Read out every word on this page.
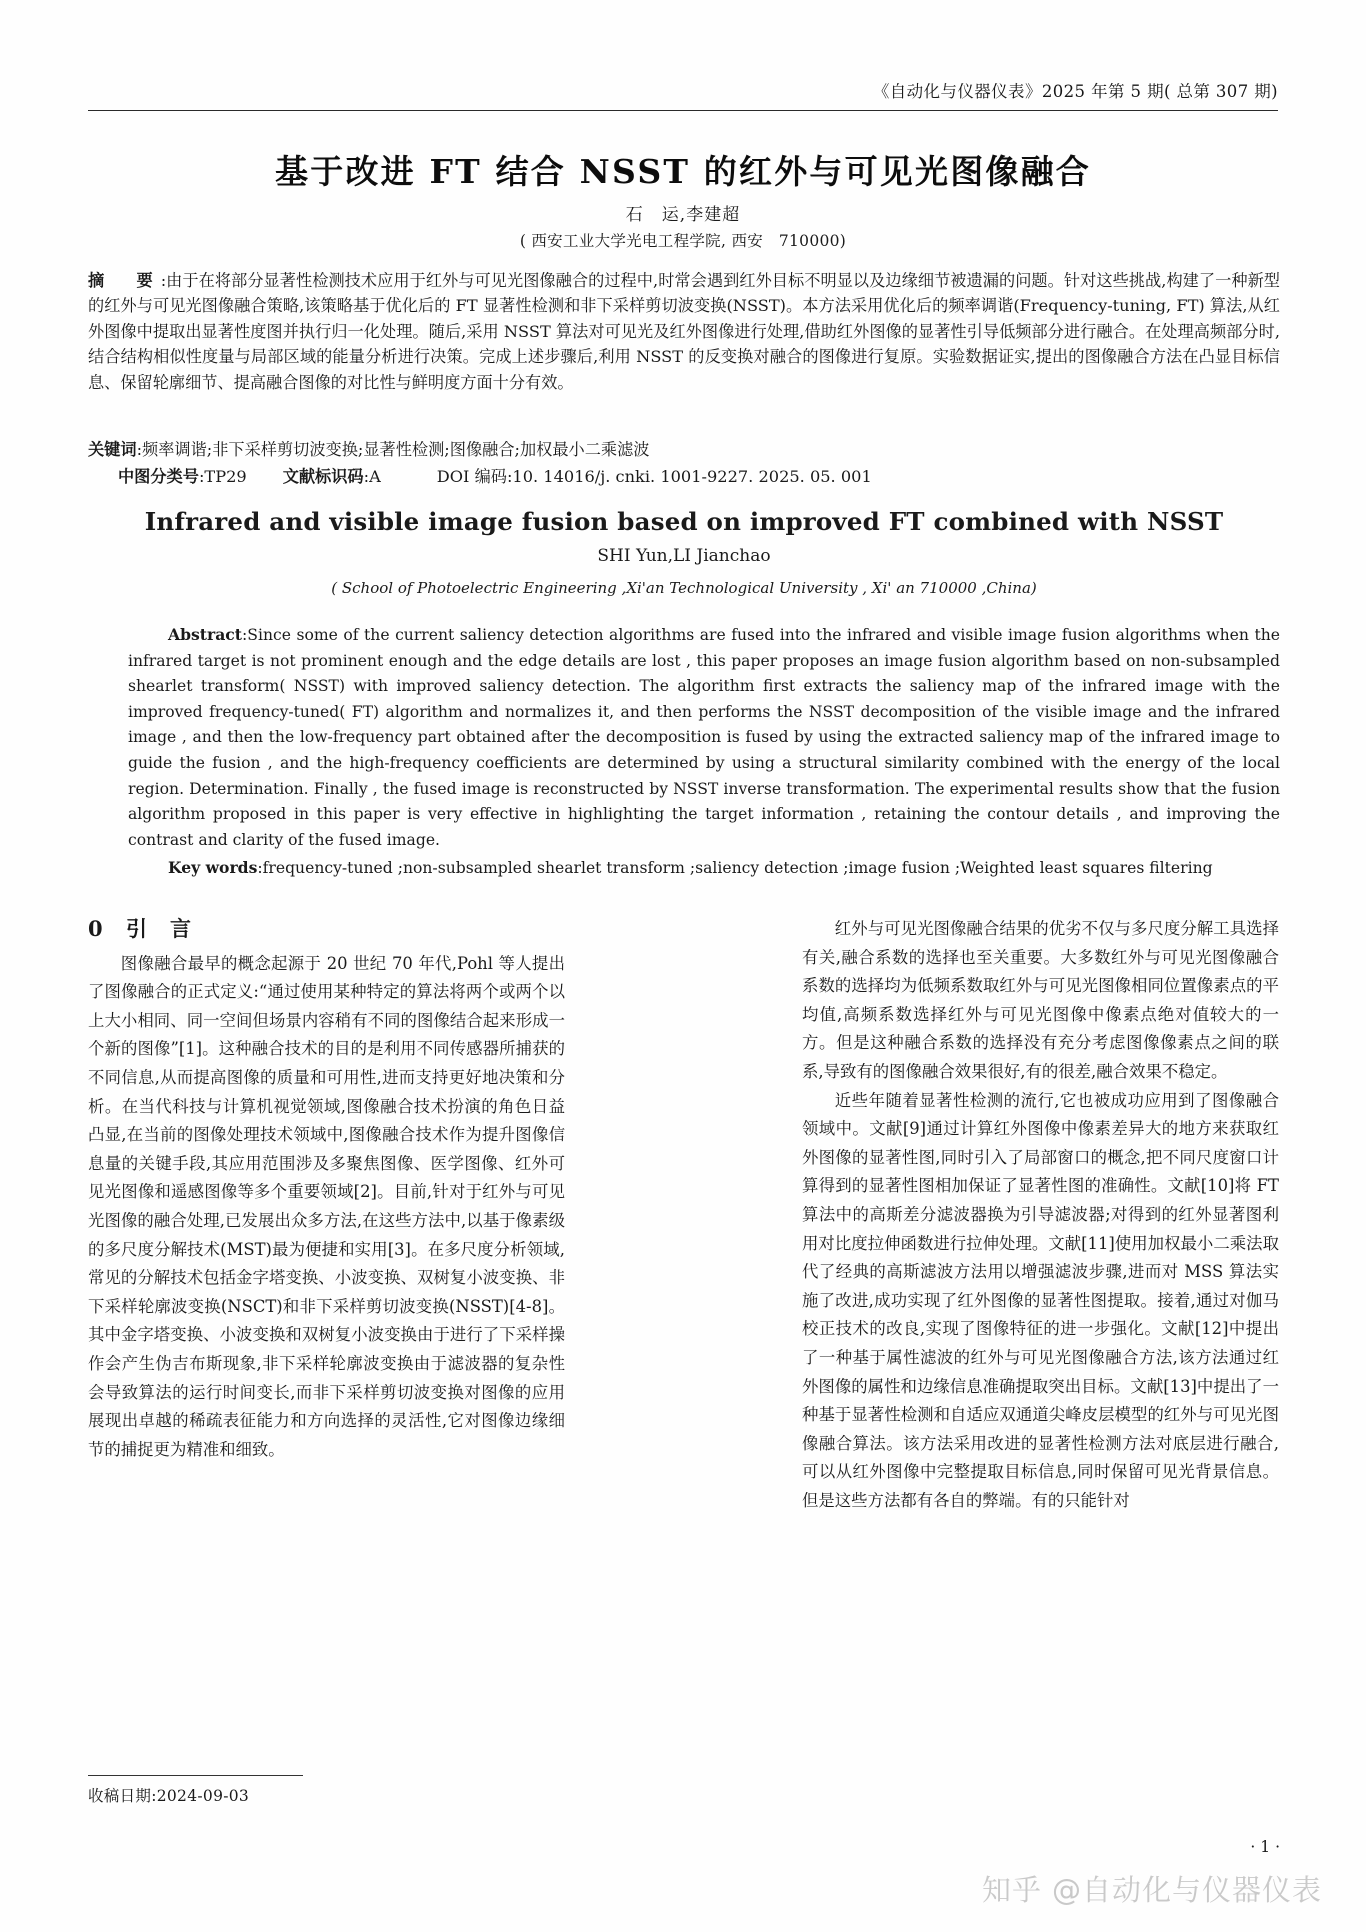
《自动化与仪器仪表》2025 年第 5 期( 总第 307 期)
基于改进 FT 结合 NSST 的红外与可见光图像融合
石　运,李建超
( 西安工业大学光电工程学院, 西安　710000)
摘　要:由于在将部分显著性检测技术应用于红外与可见光图像融合的过程中,时常会遇到红外目标不明显以及边缘细节被遗漏的问题。针对这些挑战,构建了一种新型的红外与可见光图像融合策略,该策略基于优化后的 FT 显著性检测和非下采样剪切波变换(NSST)。本方法采用优化后的频率调谐(Frequency-tuning, FT) 算法,从红外图像中提取出显著性度图并执行归一化处理。随后,采用 NSST 算法对可见光及红外图像进行处理,借助红外图像的显著性引导低频部分进行融合。在处理高频部分时,结合结构相似性度量与局部区域的能量分析进行决策。完成上述步骤后,利用 NSST 的反变换对融合的图像进行复原。实验数据证实,提出的图像融合方法在凸显目标信息、保留轮廓细节、提高融合图像的对比性与鲜明度方面十分有效。
关键词:频率调谐;非下采样剪切波变换;显著性检测;图像融合;加权最小二乘滤波
中图分类号:TP29 文献标识码:A	DOI 编码:10. 14016/j. cnki. 1001-9227. 2025. 05. 001
Infrared and visible image fusion based on improved FT combined with NSST
SHI Yun,LI Jianchao
( School of Photoelectric Engineering ,Xi'an Technological University , Xi' an 710000 ,China)
Abstract:Since some of the current saliency detection algorithms are fused into the infrared and visible image fusion algorithms when the infrared target is not prominent enough and the edge details are lost , this paper proposes an image fusion algorithm based on non-subsampled shearlet transform( NSST) with improved saliency detection. The algorithm first extracts the saliency map of the infrared image with the improved frequency-tuned( FT) algorithm and normalizes it, and then performs the NSST decomposition of the visible image and the infrared image , and then the low-frequency part obtained after the decomposition is fused by using the extracted saliency map of the infrared image to guide the fusion , and the high-frequency coefficients are determined by using a structural similarity combined with the energy of the local region. Determination. Finally , the fused image is reconstructed by NSST inverse transformation. The experimental results show that the fusion algorithm proposed in this paper is very effective in highlighting the target information , retaining the contour details , and improving the contrast and clarity of the fused image.
Key words:frequency-tuned ;non-subsampled shearlet transform ;saliency detection ;image fusion ;Weighted least squares filtering
0 引　言

图像融合最早的概念起源于 20 世纪 70 年代,Pohl 等人提出了图像融合的正式定义:“通过使用某种特定的算法将两个或两个以上大小相同、同一空间但场景内容稍有不同的图像结合起来形成一个新的图像”[1]。这种融合技术的目的是利用不同传感器所捕获的不同信息,从而提高图像的质量和可用性,进而支持更好地决策和分析。在当代科技与计算机视觉领域,图像融合技术扮演的角色日益凸显,在当前的图像处理技术领域中,图像融合技术作为提升图像信息量的关键手段,其应用范围涉及多聚焦图像、医学图像、红外可见光图像和遥感图像等多个重要领域[2]。目前,针对于红外与可见光图像的融合处理,已发展出众多方法,在这些方法中,以基于像素级的多尺度分解技术(MST)最为便捷和实用[3]。在多尺度分析领域,常见的分解技术包括金字塔变换、小波变换、双树复小波变换、非下采样轮廓波变换(NSCT)和非下采样剪切波变换(NSST)[4-8]。其中金字塔变换、小波变换和双树复小波变换由于进行了下采样操作会产生伪吉布斯现象,非下采样轮廓波变换由于滤波器的复杂性会导致算法的运行时间变长,而非下采样剪切波变换对图像的应用展现出卓越的稀疏表征能力和方向选择的灵活性,它对图像边缘细节的捕捉更为精准和细致。

红外与可见光图像融合结果的优劣不仅与多尺度分解工具选择有关,融合系数的选择也至关重要。大多数红外与可见光图像融合系数的选择均为低频系数取红外与可见光图像相同位置像素点的平均值,高频系数选择红外与可见光图像中像素点绝对值较大的一方。但是这种融合系数的选择没有充分考虑图像像素点之间的联系,导致有的图像融合效果很好,有的很差,融合效果不稳定。

近些年随着显著性检测的流行,它也被成功应用到了图像融合领域中。文献[9]通过计算红外图像中像素差异大的地方来获取红外图像的显著性图,同时引入了局部窗口的概念,把不同尺度窗口计算得到的显著性图相加保证了显著性图的准确性。文献[10]将 FT 算法中的高斯差分滤波器换为引导滤波器;对得到的红外显著图利用对比度拉伸函数进行拉伸处理。文献[11]使用加权最小二乘法取代了经典的高斯滤波方法用以增强滤波步骤,进而对 MSS 算法实施了改进,成功实现了红外图像的显著性图提取。接着,通过对伽马校正技术的改良,实现了图像特征的进一步强化。文献[12]中提出了一种基于属性滤波的红外与可见光图像融合方法,该方法通过红外图像的属性和边缘信息准确提取突出目标。文献[13]中提出了一种基于显著性检测和自适应双通道尖峰皮层模型的红外与可见光图像融合算法。该方法采用改进的显著性检测方法对底层进行融合,可以从红外图像中完整提取目标信息,同时保留可见光背景信息。但是这些方法都有各自的弊端。有的只能针对

收稿日期:2024-09-03
· 1 ·
知乎 @自动化与仪器仪表
